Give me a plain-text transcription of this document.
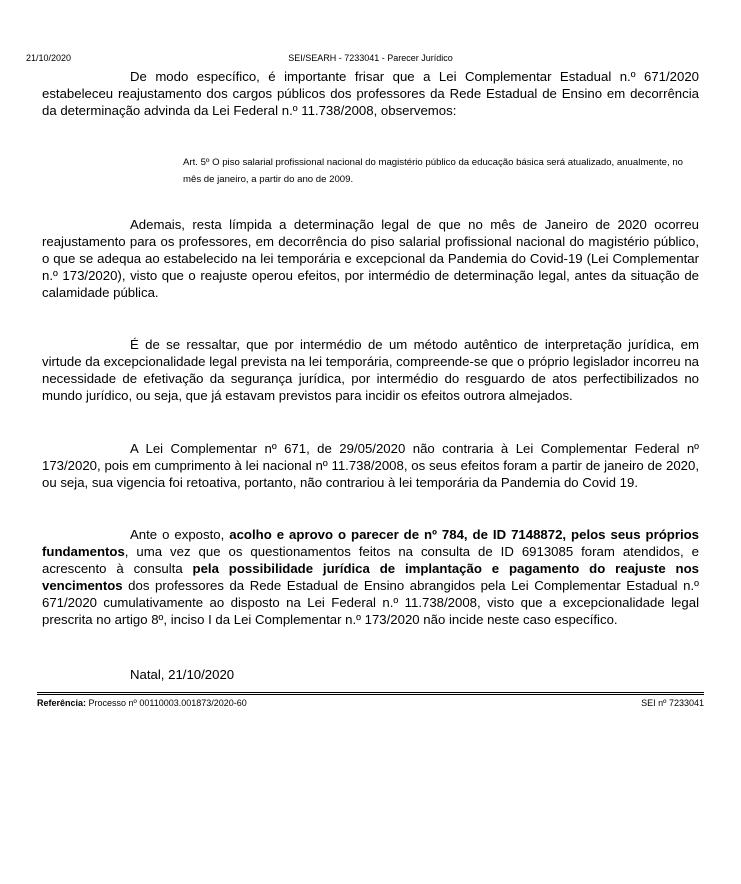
21/10/2020	SEI/SEARH - 7233041 - Parecer Jurídico

De modo específico, é importante frisar que a Lei Complementar Estadual n.º 671/2020 estabeleceu reajustamento dos cargos públicos dos professores da Rede Estadual de Ensino em decorrência da determinação advinda da Lei Federal n.º 11.738/2008, observemos:

Art. 5º O piso salarial profissional nacional do magistério público da educação básica será atualizado, anualmente, no mês de janeiro, a partir do ano de 2009.

Ademais, resta límpida a determinação legal de que no mês de Janeiro de 2020 ocorreu reajustamento para os professores, em decorrência do piso salarial profissional nacional do magistério público, o que se adequa ao estabelecido na lei temporária e excepcional da Pandemia do Covid-19 (Lei Complementar n.º 173/2020), visto que o reajuste operou efeitos, por intermédio de determinação legal, antes da situação de calamidade pública.

É de se ressaltar, que por intermédio de um método autêntico de interpretação jurídica, em virtude da excepcionalidade legal prevista na lei temporária, compreende-se que o próprio legislador incorreu na necessidade de efetivação da segurança jurídica, por intermédio do resguardo de atos perfectibilizados no mundo jurídico, ou seja, que já estavam previstos para incidir os efeitos outrora almejados.

A Lei Complementar nº 671, de 29/05/2020 não contraria à Lei Complementar Federal nº 173/2020, pois em cumprimento à lei nacional nº 11.738/2008, os seus efeitos foram a partir de janeiro de 2020, ou seja, sua vigencia foi retoativa, portanto, não contrariou à lei temporária da Pandemia do Covid 19.

Ante o exposto, acolho e aprovo o parecer de nº 784, de ID 7148872, pelos seus próprios fundamentos, uma vez que os questionamentos feitos na consulta de ID 6913085 foram atendidos, e acrescento à consulta pela possibilidade jurídica de implantação e pagamento do reajuste nos vencimentos dos professores da Rede Estadual de Ensino abrangidos pela Lei Complementar Estadual n.º 671/2020 cumulativamente ao disposto na Lei Federal n.º 11.738/2008, visto que a excepcionalidade legal prescrita no artigo 8º, inciso I da Lei Complementar n.º 173/2020 não incide neste caso específico.

Natal, 21/10/2020

Referência: Processo nº 00110003.001873/2020-60	SEI nº 7233041
